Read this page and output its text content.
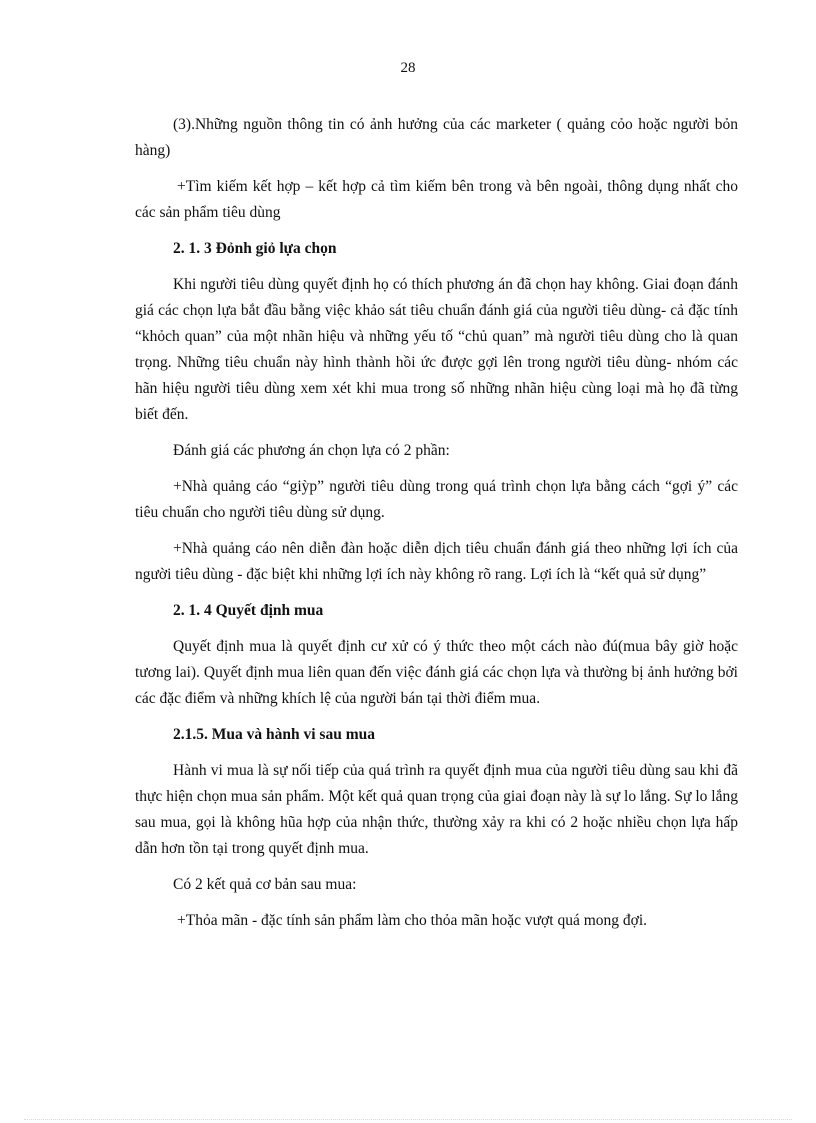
28

(3).Những nguồn thông tin có ảnh hưởng của các marketer ( quảng cỏo hoặc người bỏn hàng)

+Tìm kiếm kết hợp – kết hợp cả tìm kiếm bên trong và bên ngoài, thông dụng nhất cho các sản phẩm tiêu dùng

2. 1. 3 Đỏnh giỏ lựa chọn

Khi người tiêu dùng quyết định họ có thích phương án đã chọn hay không. Giai đoạn đánh giá các chọn lựa bắt đầu bằng việc khảo sát tiêu chuẩn đánh giá của người tiêu dùng- cả đặc tính “khỏch quan” của một nhãn hiệu và những yếu tố “chủ quan” mà người tiêu dùng cho là quan trọng. Những tiêu chuẩn này hình thành hồi ức được gợi lên trong người tiêu dùng- nhóm các hãn hiệu người tiêu dùng xem xét khi mua trong số những nhãn hiệu cùng loại mà họ đã từng biết đến.

Đánh giá các phương án chọn lựa có 2 phần:

+Nhà quảng cáo “giỳp” người tiêu dùng trong quá trình chọn lựa bằng cách “gợi ý” các tiêu chuẩn cho người tiêu dùng sử dụng.

+Nhà quảng cáo nên diễn đàn hoặc diễn dịch tiêu chuẩn đánh giá theo những lợi ích của người tiêu dùng - đặc biệt khi những lợi ích này không rõ rang. Lợi ích là “kết quả sử dụng”

2. 1. 4 Quyết định mua

Quyết định mua là quyết định cư xử có ý thức theo một cách nào đú(mua bây giờ hoặc tương lai). Quyết định mua liên quan đến việc đánh giá các chọn lựa và thường bị ảnh hưởng bởi các đặc điểm và những khích lệ của người bán tại thời điểm mua.

2.1.5. Mua và hành vi sau mua

Hành vi mua là sự nối tiếp của quá trình ra quyết định mua của người tiêu dùng sau khi đã thực hiện chọn mua sản phẩm. Một kết quả quan trọng của giai đoạn này là sự lo lắng. Sự lo lắng sau mua, gọi là không hũa hợp của nhận thức, thường xảy ra khi có 2 hoặc nhiều chọn lựa hấp dẫn hơn tồn tại trong quyết định mua.

Có 2 kết quả cơ bản sau mua:

+Thỏa mãn - đặc tính sản phẩm làm cho thỏa mãn hoặc vượt quá mong đợi.
